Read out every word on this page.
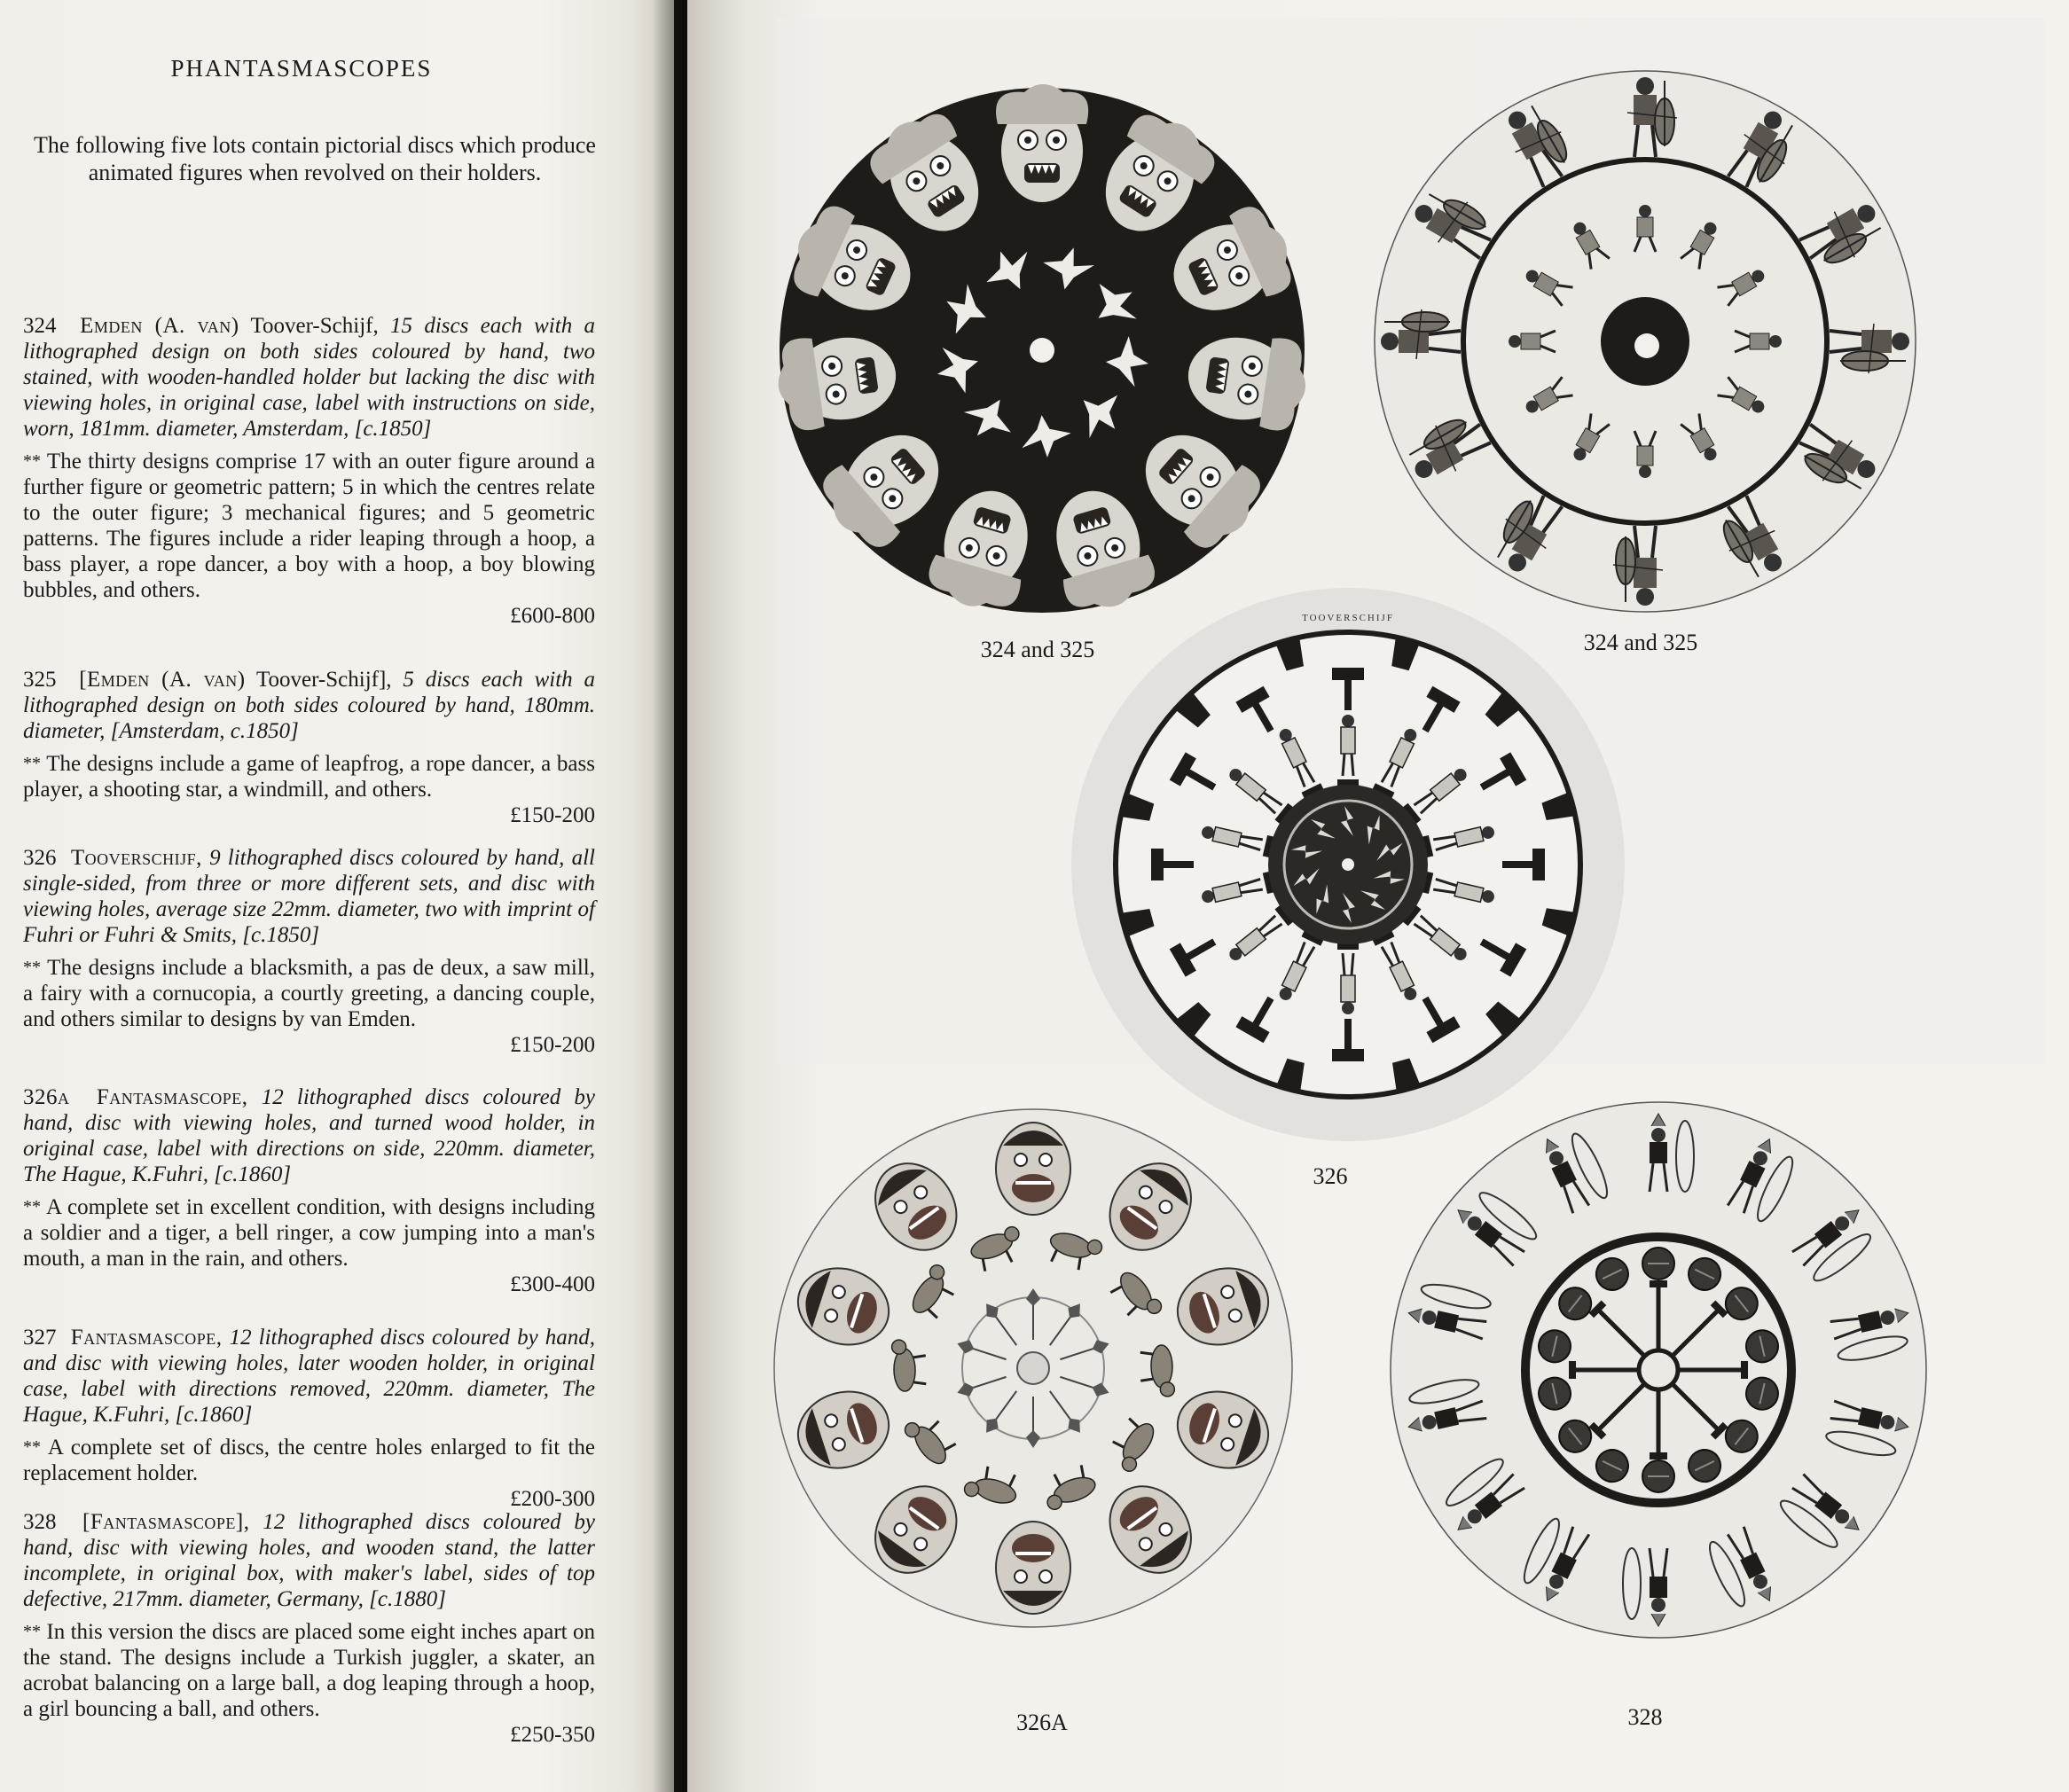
PHANTASMASCOPES
The following five lots contain pictorial discs which produce animated figures when revolved on their holders.
324 Emden (A. van) Toover-Schijf, 15 discs each with a lithographed design on both sides coloured by hand, two stained, with wooden-handled holder but lacking the disc with viewing holes, in original case, label with instructions on side, worn, 181mm. diameter, Amsterdam, [c.1850]
** The thirty designs comprise 17 with an outer figure around a further figure or geometric pattern; 5 in which the centres relate to the outer figure; 3 mechanical figures; and 5 geometric patterns. The figures include a rider leaping through a hoop, a bass player, a rope dancer, a boy with a hoop, a boy blowing bubbles, and others.
£600-800
325 [Emden (A. van) Toover-Schijf], 5 discs each with a lithographed design on both sides coloured by hand, 180mm. diameter, [Amsterdam, c.1850]
** The designs include a game of leapfrog, a rope dancer, a bass player, a shooting star, a windmill, and others.
£150-200
326 Tooverschijf, 9 lithographed discs coloured by hand, all single-sided, from three or more different sets, and disc with viewing holes, average size 22mm. diameter, two with imprint of Fuhri or Fuhri & Smits, [c.1850]
** The designs include a blacksmith, a pas de deux, a saw mill, a fairy with a cornucopia, a courtly greeting, a dancing couple, and others similar to designs by van Emden.
£150-200
326a Fantasmascope, 12 lithographed discs coloured by hand, disc with viewing holes, and turned wood holder, in original case, label with directions on side, 220mm. diameter, The Hague, K.Fuhri, [c.1860]
** A complete set in excellent condition, with designs including a soldier and a tiger, a bell ringer, a cow jumping into a man's mouth, a man in the rain, and others.
£300-400
327 Fantasmascope, 12 lithographed discs coloured by hand, and disc with viewing holes, later wooden holder, in original case, label with directions removed, 220mm. diameter, The Hague, K.Fuhri, [c.1860]
** A complete set of discs, the centre holes enlarged to fit the replacement holder.
£200-300
328 [Fantasmascope], 12 lithographed discs coloured by hand, disc with viewing holes, and wooden stand, the latter incomplete, in original box, with maker's label, sides of top defective, 217mm. diameter, Germany, [c.1880]
** In this version the discs are placed some eight inches apart on the stand. The designs include a Turkish juggler, a skater, an acrobat balancing on a large ball, a dog leaping through a hoop, a girl bouncing a ball, and others.
£250-350
324 and 325	324 and 325
TOOVERSCHIJF
326
326A	328
